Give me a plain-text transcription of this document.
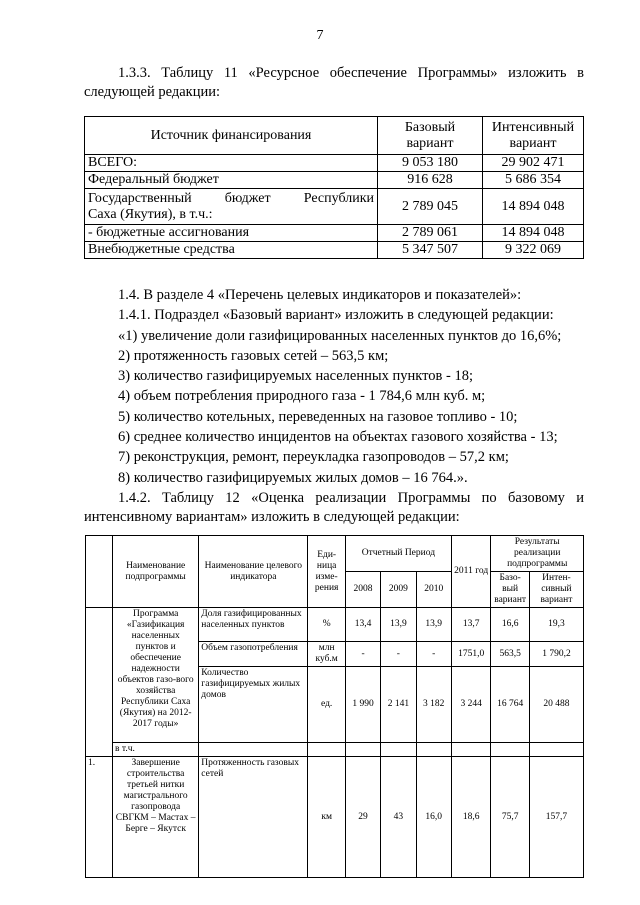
7
1.3.3. Таблицу 11 «Ресурсное обеспечение Программы» изложить в
следующей редакции:
Источник финансирования	Базовый вариант	Интенсивный вариант
ВСЕГО:	9 053 180	29 902 471
Федеральный бюджет	916 628	5 686 354

Государственный бюджет Республики
Саха (Якутия), в т.ч.:	2 789 045	14 894 048
- бюджетные ассигнования	2 789 061	14 894 048
Внебюджетные средства	5 347 507	9 322 069
1.4. В разделе 4 «Перечень целевых индикаторов и показателей»:
1.4.1. Подраздел «Базовый вариант» изложить в следующей редакции:
«1) увеличение доли газифицированных населенных пунктов до 16,6%;
2) протяженность газовых сетей – 563,5 км;
3) количество газифицируемых населенных пунктов - 18;
4) объем потребления природного газа - 1 784,6 млн куб. м;
5) количество котельных, переведенных на газовое топливо - 10;
6) среднее количество инцидентов на объектах газового хозяйства - 13;
7) реконструкция, ремонт, переукладка газопроводов – 57,2 км;
8) количество газифицируемых жилых домов – 16 764.».
1.4.2. Таблицу 12 «Оценка реализации Программы по базовому и
интенсивному вариантам» изложить в следующей редакции:
	Наименование подпрограммы	Наименование целевого индикатора	Еди-ница изме-рения	Отчетный Период			2011 год	Результаты реализации подпрограммы	
				2008	2009	2010		Базо-вый вариант	Интен-сивный вариант
	Программа «Газификация населенных пунктов и обеспечение надежности объектов газо-вого хозяйства Республики Саха (Якутия) на 2012-2017 годы»	Доля газифицированных населенных пунктов	%	13,4	13,9	13,9	13,7	16,6	19,3
		Объем газопотребления	млн куб.м	-	-	-	1751,0	563,5	1 790,2
		Количество газифицируемых жилых домов	ед.	1 990	2 141	3 182	3 244	16 764	20 488
	в т.ч.								
1.	Завершение строительства третьей нитки магистрального газопровода СВГКМ – Мастах – Берге – Якутск	Протяженность газовых сетей	км	29	43	16,0	18,6	75,7	157,7
